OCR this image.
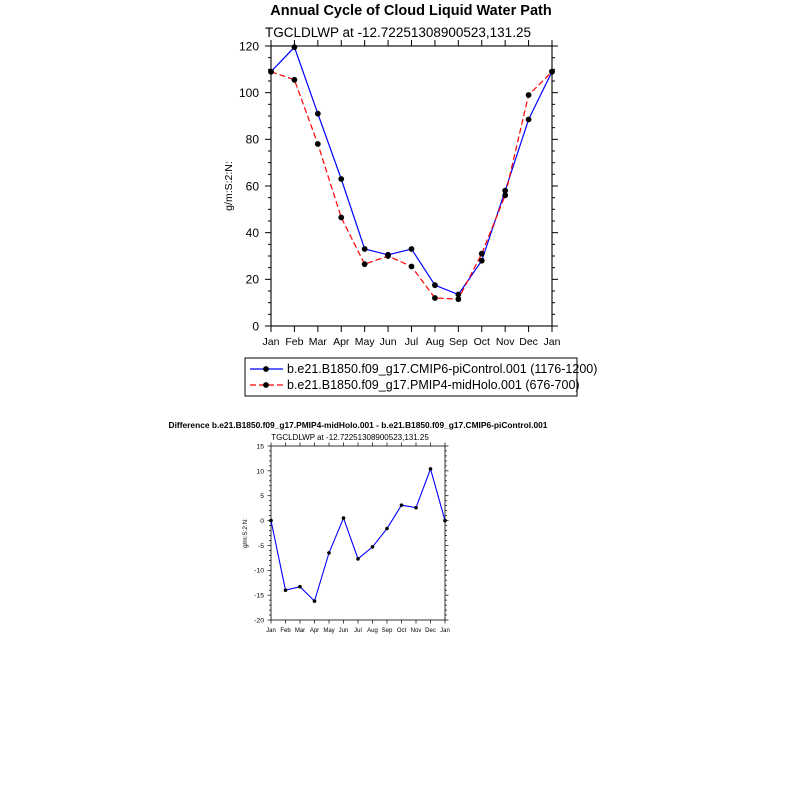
Annual Cycle of Cloud Liquid Water Path
TGCLDLWP at -12.72251308900523,131.25
g/m:S:2:N:
0
20
40
60
80
100
120
Jan Feb Mar Apr May Jun Jul Aug Sep Oct Nov Dec Jan
b.e21.B1850.f09_g17.CMIP6-piControl.001 (1176-1200)
b.e21.B1850.f09_g17.PMIP4-midHolo.001 (676-700)
Difference b.e21.B1850.f09_g17.PMIP4-midHolo.001 - b.e21.B1850.f09_g17.CMIP6-piControl.001
TGCLDLWP at -12.72251308900523,131.25
g/m:S:2:N:
-20
-15
-10
-5
0
5
10
15
Jan Feb Mar Apr May Jun Jul Aug Sep Oct Nov Dec Jan
